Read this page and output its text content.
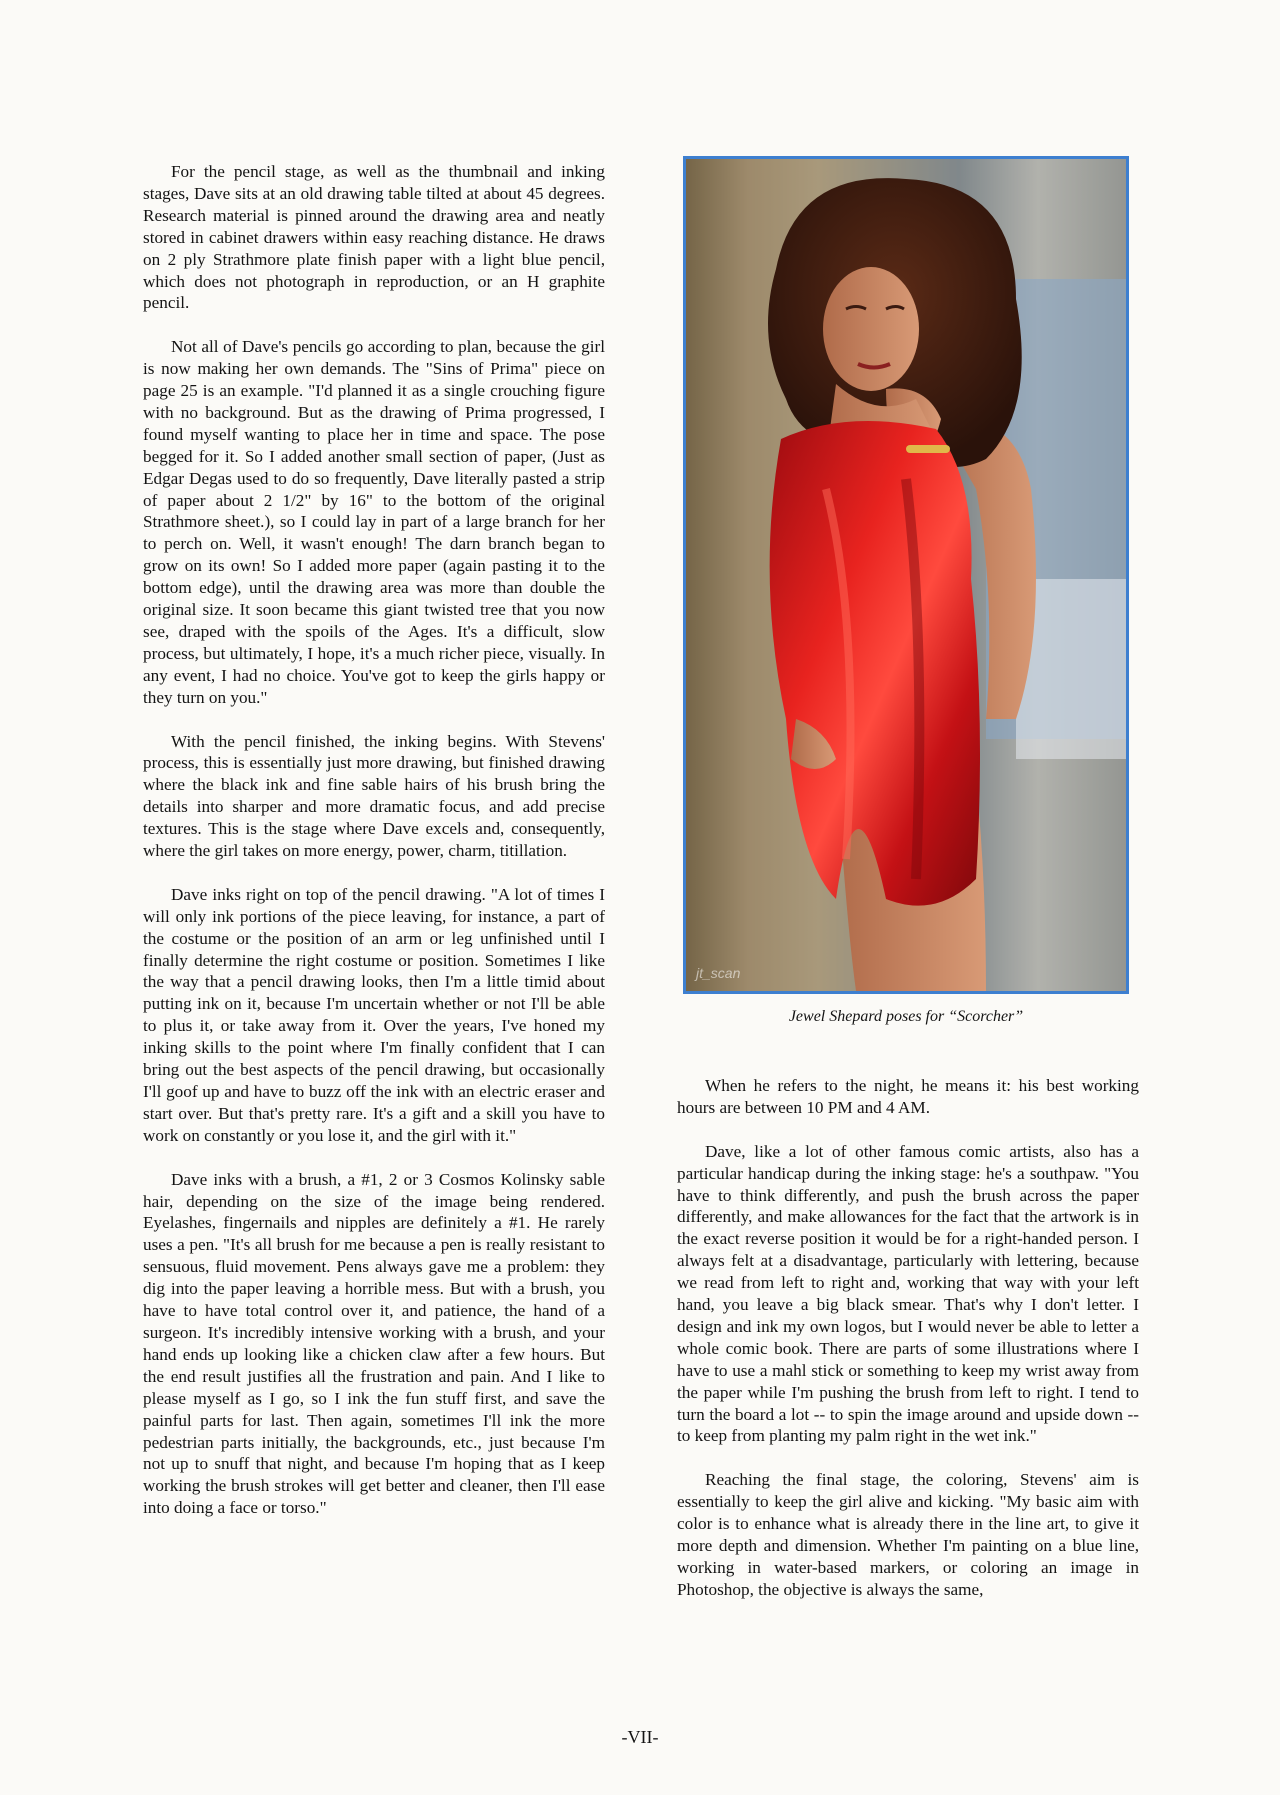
For the pencil stage, as well as the thumbnail and inking stages, Dave sits at an old drawing table tilted at about 45 degrees. Research material is pinned around the drawing area and neatly stored in cabinet drawers within easy reaching distance. He draws on 2 ply Strathmore plate finish paper with a light blue pencil, which does not photograph in reproduction, or an H graphite pencil.

Not all of Dave's pencils go according to plan, because the girl is now making her own demands. The "Sins of Prima" piece on page 25 is an example. "I'd planned it as a single crouching figure with no background. But as the drawing of Prima progressed, I found myself wanting to place her in time and space. The pose begged for it. So I added another small section of paper, (Just as Edgar Degas used to do so frequently, Dave literally pasted a strip of paper about 2 1/2" by 16" to the bottom of the original Strathmore sheet.), so I could lay in part of a large branch for her to perch on. Well, it wasn't enough! The darn branch began to grow on its own! So I added more paper (again pasting it to the bottom edge), until the drawing area was more than double the original size. It soon became this giant twisted tree that you now see, draped with the spoils of the Ages. It's a difficult, slow process, but ultimately, I hope, it's a much richer piece, visually. In any event, I had no choice. You've got to keep the girls happy or they turn on you."

With the pencil finished, the inking begins. With Stevens' process, this is essentially just more drawing, but finished drawing where the black ink and fine sable hairs of his brush bring the details into sharper and more dramatic focus, and add precise textures. This is the stage where Dave excels and, consequently, where the girl takes on more energy, power, charm, titillation.

Dave inks right on top of the pencil drawing. "A lot of times I will only ink portions of the piece leaving, for instance, a part of the costume or the position of an arm or leg unfinished until I finally determine the right costume or position. Sometimes I like the way that a pencil drawing looks, then I'm a little timid about putting ink on it, because I'm uncertain whether or not I'll be able to plus it, or take away from it. Over the years, I've honed my inking skills to the point where I'm finally confident that I can bring out the best aspects of the pencil drawing, but occasionally I'll goof up and have to buzz off the ink with an electric eraser and start over. But that's pretty rare. It's a gift and a skill you have to work on constantly or you lose it, and the girl with it."

Dave inks with a brush, a #1, 2 or 3 Cosmos Kolinsky sable hair, depending on the size of the image being rendered. Eyelashes, fingernails and nipples are definitely a #1. He rarely uses a pen. "It's all brush for me because a pen is really resistant to sensuous, fluid movement. Pens always gave me a problem: they dig into the paper leaving a horrible mess. But with a brush, you have to have total control over it, and patience, the hand of a surgeon. It's incredibly intensive working with a brush, and your hand ends up looking like a chicken claw after a few hours. But the end result justifies all the frustration and pain. And I like to please myself as I go, so I ink the fun stuff first, and save the painful parts for last. Then again, sometimes I'll ink the more pedestrian parts initially, the backgrounds, etc., just because I'm not up to snuff that night, and because I'm hoping that as I keep working the brush strokes will get better and cleaner, then I'll ease into doing a face or torso."

jt_scan
Jewel Shepard poses for “Scorcher”

When he refers to the night, he means it: his best working hours are between 10 PM and 4 AM.

Dave, like a lot of other famous comic artists, also has a particular handicap during the inking stage: he's a southpaw. "You have to think differently, and push the brush across the paper differently, and make allowances for the fact that the artwork is in the exact reverse position it would be for a right-handed person. I always felt at a disadvantage, particularly with lettering, because we read from left to right and, working that way with your left hand, you leave a big black smear. That's why I don't letter. I design and ink my own logos, but I would never be able to letter a whole comic book. There are parts of some illustrations where I have to use a mahl stick or something to keep my wrist away from the paper while I'm pushing the brush from left to right. I tend to turn the board a lot -- to spin the image around and upside down --to keep from planting my palm right in the wet ink."

Reaching the final stage, the coloring, Stevens' aim is essentially to keep the girl alive and kicking. "My basic aim with color is to enhance what is already there in the line art, to give it more depth and dimension. Whether I'm painting on a blue line, working in water-based markers, or coloring an image in Photoshop, the objective is always the same,

-VII-
